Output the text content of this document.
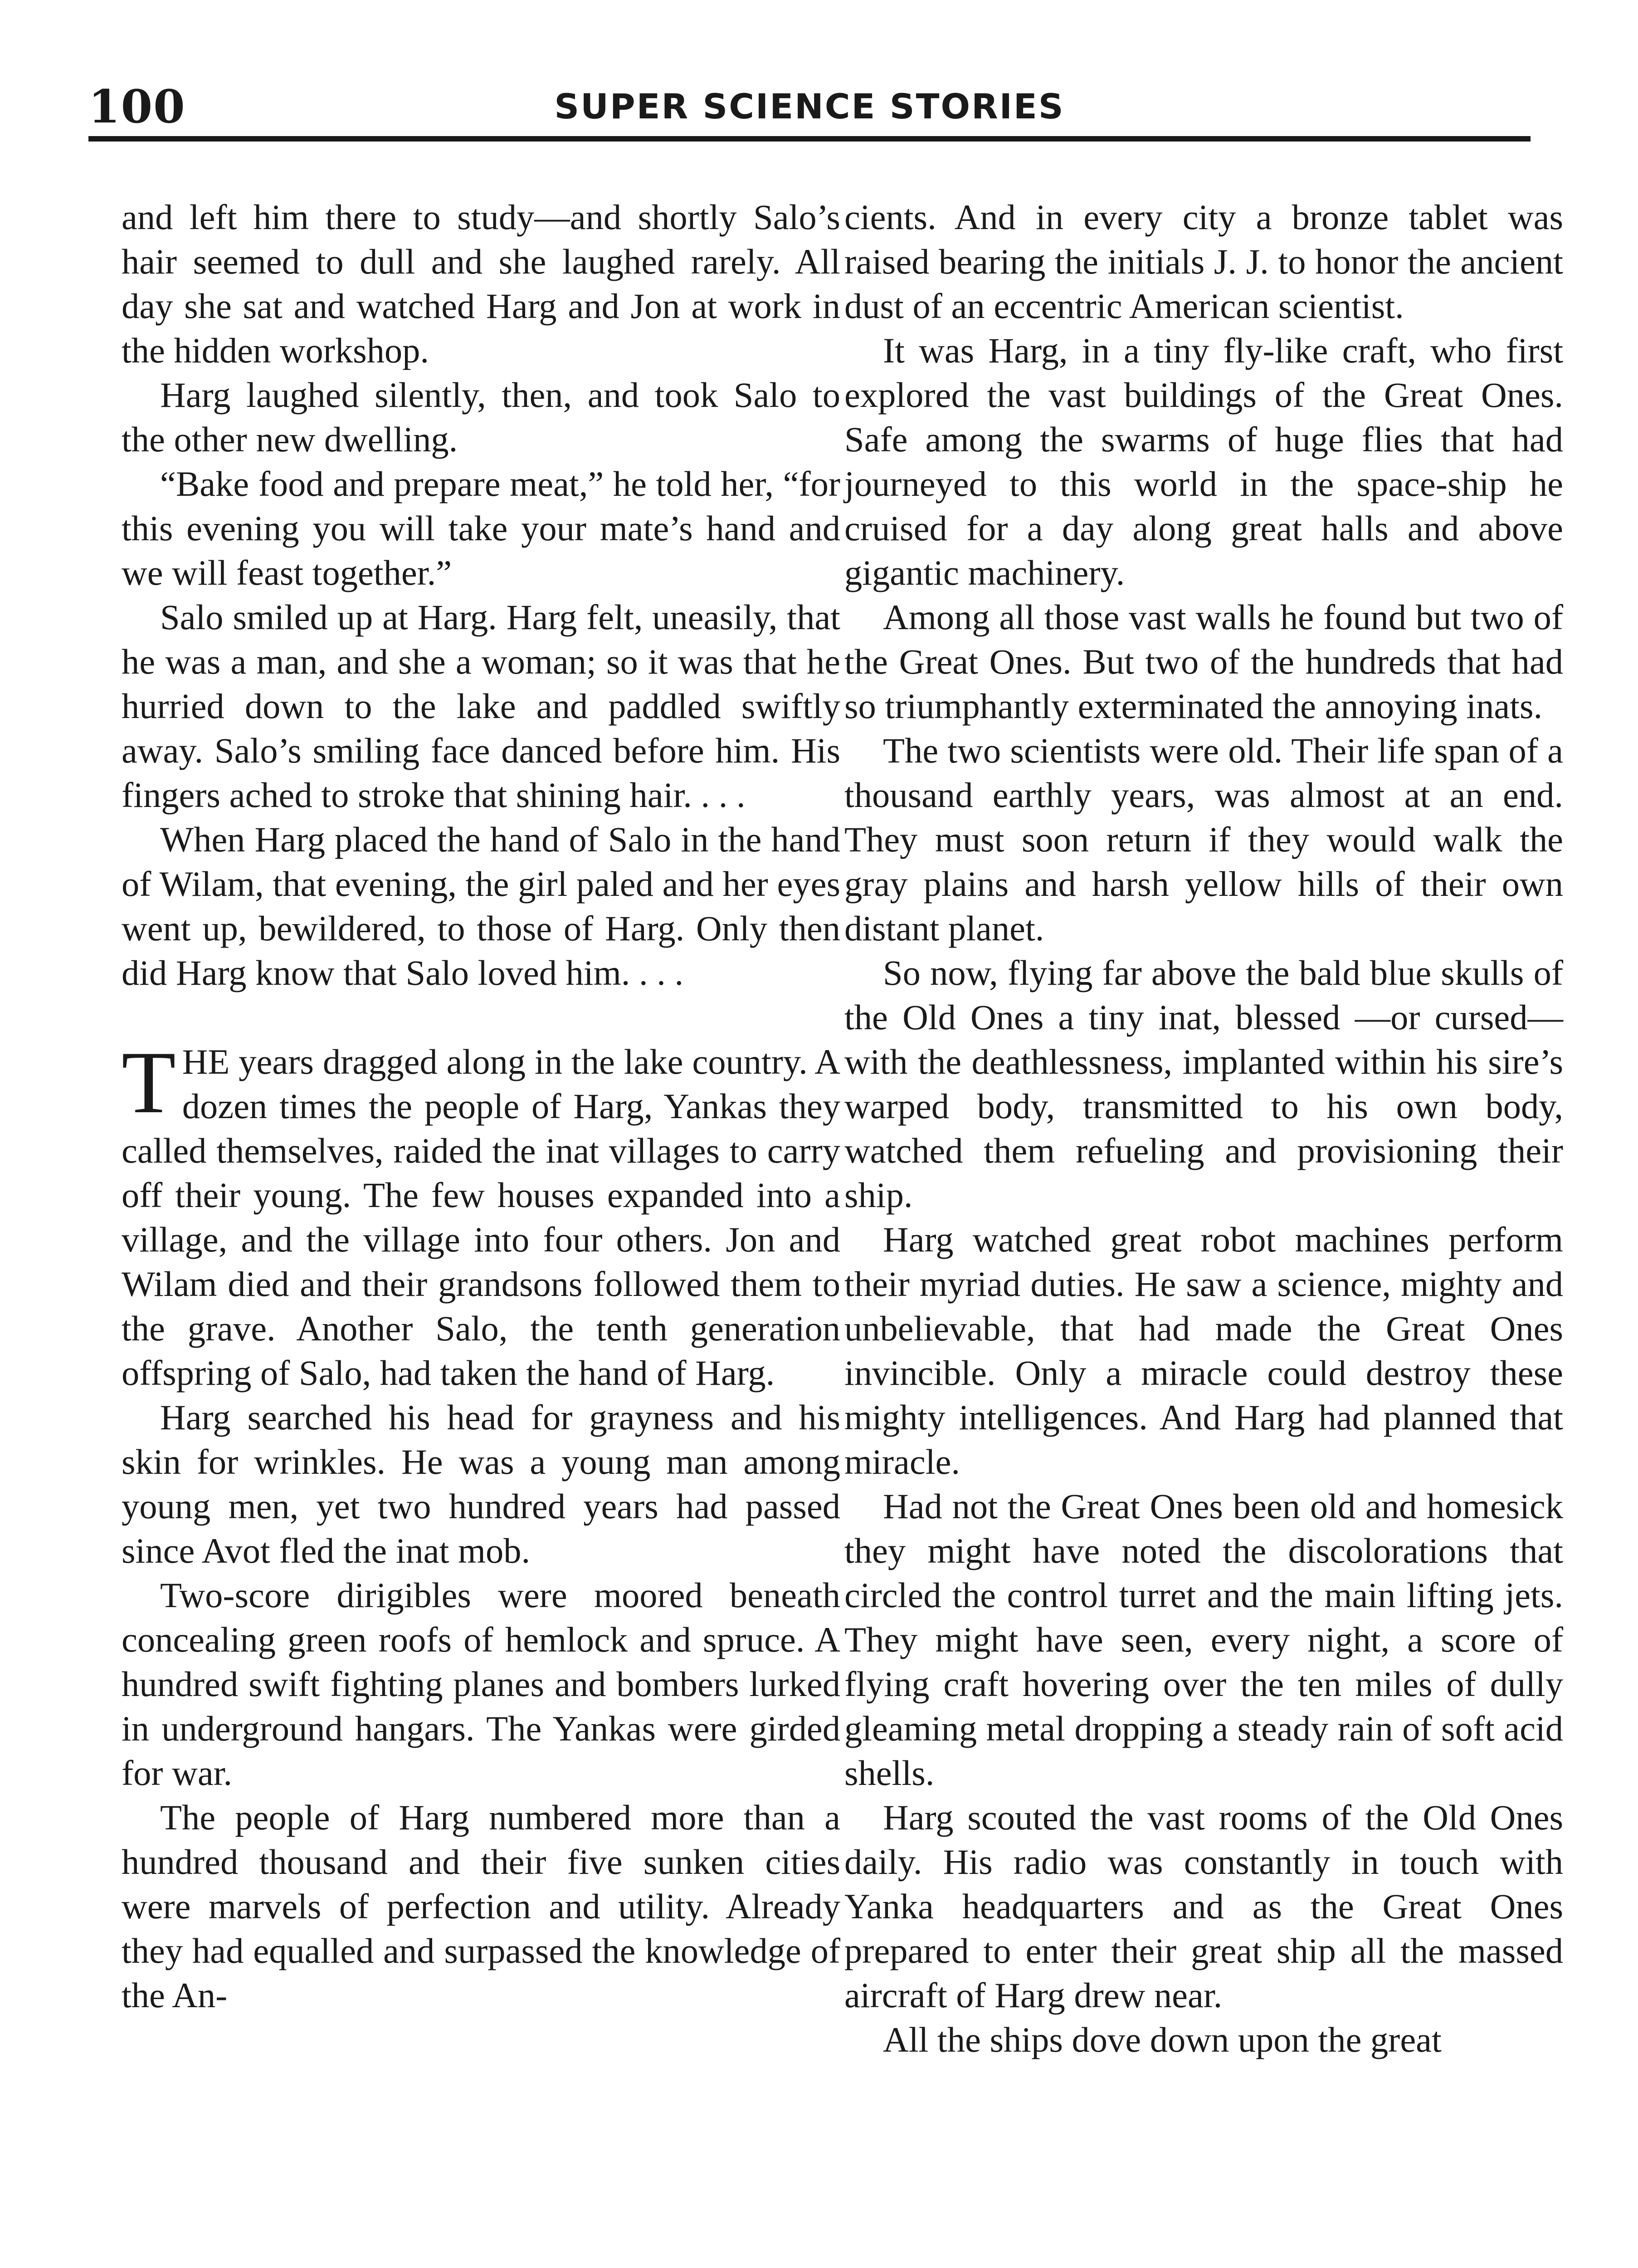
100	SUPER SCIENCE STORIES

and left him there to study—and shortly Salo’s hair seemed to dull and she laughed rarely. All day she sat and watched Harg and Jon at work in the hidden workshop.

Harg laughed silently, then, and took Salo to the other new dwelling.

“Bake food and prepare meat,” he told her, “for this evening you will take your mate’s hand and we will feast together.”

Salo smiled up at Harg. Harg felt, uneasily, that he was a man, and she a woman; so it was that he hurried down to the lake and paddled swiftly away. Salo’s smiling face danced before him. His fingers ached to stroke that shining hair. . . .

When Harg placed the hand of Salo in the hand of Wilam, that evening, the girl paled and her eyes went up, bewildered, to those of Harg. Only then did Harg know that Salo loved him. . . .

THE years dragged along in the lake country. A dozen times the people of Harg, Yankas they called themselves, raided the inat villages to carry off their young. The few houses expanded into a village, and the village into four others. Jon and Wilam died and their grandsons followed them to the grave. Another Salo, the tenth generation offspring of Salo, had taken the hand of Harg.

Harg searched his head for grayness and his skin for wrinkles. He was a young man among young men, yet two hundred years had passed since Avot fled the inat mob.

Two-score dirigibles were moored beneath concealing green roofs of hemlock and spruce. A hundred swift fighting planes and bombers lurked in underground hangars. The Yankas were girded for war.

The people of Harg numbered more than a hundred thousand and their five sunken cities were marvels of perfection and utility. Already they had equalled and surpassed the knowledge of the An-

cients. And in every city a bronze tablet was raised bearing the initials J. J. to honor the ancient dust of an eccentric American scientist.

It was Harg, in a tiny fly-like craft, who first explored the vast buildings of the Great Ones. Safe among the swarms of huge flies that had journeyed to this world in the space-ship he cruised for a day along great halls and above gigantic machinery.

Among all those vast walls he found but two of the Great Ones. But two of the hundreds that had so triumphantly exterminated the annoying inats.

The two scientists were old. Their life span of a thousand earthly years, was almost at an end. They must soon return if they would walk the gray plains and harsh yellow hills of their own distant planet.

So now, flying far above the bald blue skulls of the Old Ones a tiny inat, blessed —or cursed—with the deathlessness, implanted within his sire’s warped body, transmitted to his own body, watched them refueling and provisioning their ship.

Harg watched great robot machines perform their myriad duties. He saw a science, mighty and unbelievable, that had made the Great Ones invincible. Only a miracle could destroy these mighty intelligences. And Harg had planned that miracle.

Had not the Great Ones been old and homesick they might have noted the discolorations that circled the control turret and the main lifting jets. They might have seen, every night, a score of flying craft hovering over the ten miles of dully gleaming metal dropping a steady rain of soft acid shells.

Harg scouted the vast rooms of the Old Ones daily. His radio was constantly in touch with Yanka headquarters and as the Great Ones prepared to enter their great ship all the massed aircraft of Harg drew near.

All the ships dove down upon the great
